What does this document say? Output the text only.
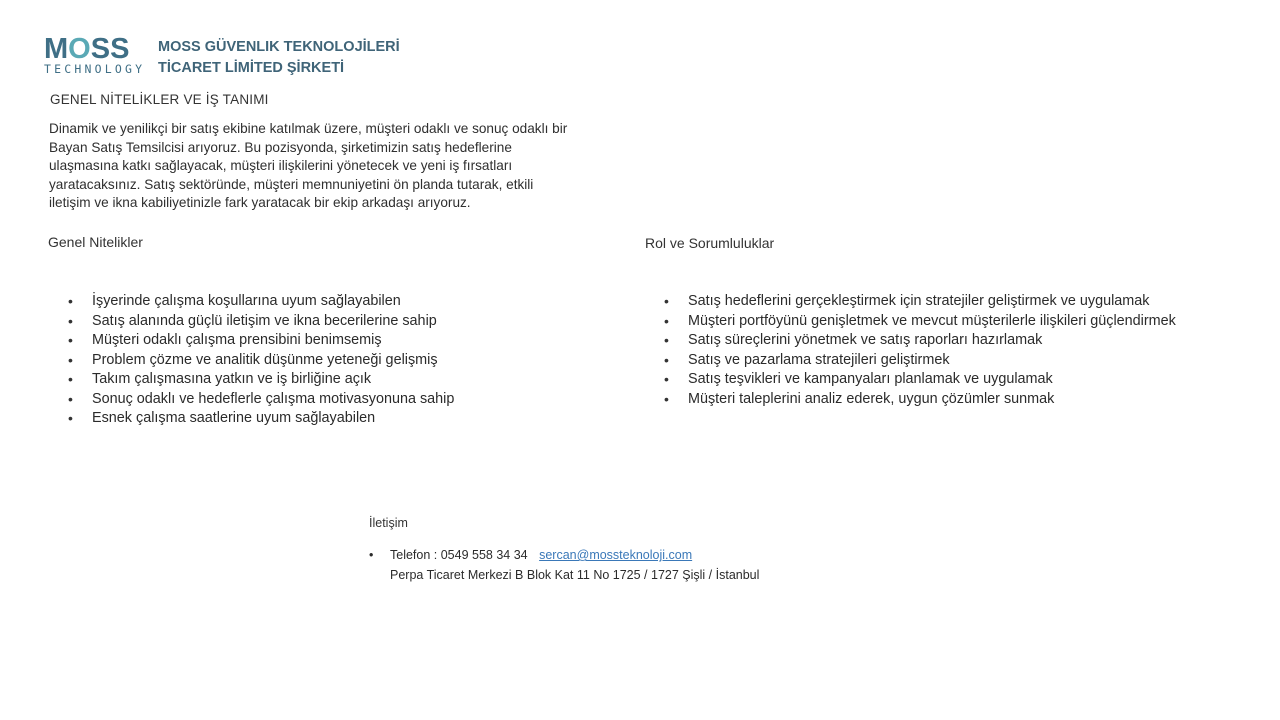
MOSS
TECHNOLOGY
MOSS GÜVENLIK TEKNOLOJİLERİ
TİCARET LİMİTED ŞİRKETİ
GENEL NİTELİKLER VE İŞ TANIMI

Dinamik ve yenilikçi bir satış ekibine katılmak üzere, müşteri odaklı ve sonuç odaklı bir

Bayan Satış Temsilcisi arıyoruz. Bu pozisyonda, şirketimizin satış hedeflerine

ulaşmasına katkı sağlayacak, müşteri ilişkilerini yönetecek ve yeni iş fırsatları

yaratacaksınız. Satış sektöründe, müşteri memnuniyetini ön planda tutarak, etkili

iletişim ve ikna kabiliyetinizle fark yaratacak bir ekip arkadaşı arıyoruz.

Genel Nitelikler	Rol ve Sorumluluklar
• İşyerinde çalışma koşullarına uyum sağlayabilen
• Satış alanında güçlü iletişim ve ikna becerilerine sahip
• Müşteri odaklı çalışma prensibini benimsemiş
• Problem çözme ve analitik düşünme yeteneği gelişmiş
• Takım çalışmasına yatkın ve iş birliğine açık
• Sonuç odaklı ve hedeflerle çalışma motivasyonuna sahip
• Esnek çalışma saatlerine uyum sağlayabilen
• Satış hedeflerini gerçekleştirmek için stratejiler geliştirmek ve uygulamak
• Müşteri portföyünü genişletmek ve mevcut müşterilerle ilişkileri güçlendirmek
• Satış süreçlerini yönetmek ve satış raporları hazırlamak
• Satış ve pazarlama stratejileri geliştirmek
• Satış teşvikleri ve kampanyaları planlamak ve uygulamak
• Müşteri taleplerini analiz ederek, uygun çözümler sunmak
İletişim
• Telefon : 0549 558 34 34 sercan@mossteknoloji.com
Perpa Ticaret Merkezi B Blok Kat 11 No 1725 / 1727 Şişli / İstanbul
